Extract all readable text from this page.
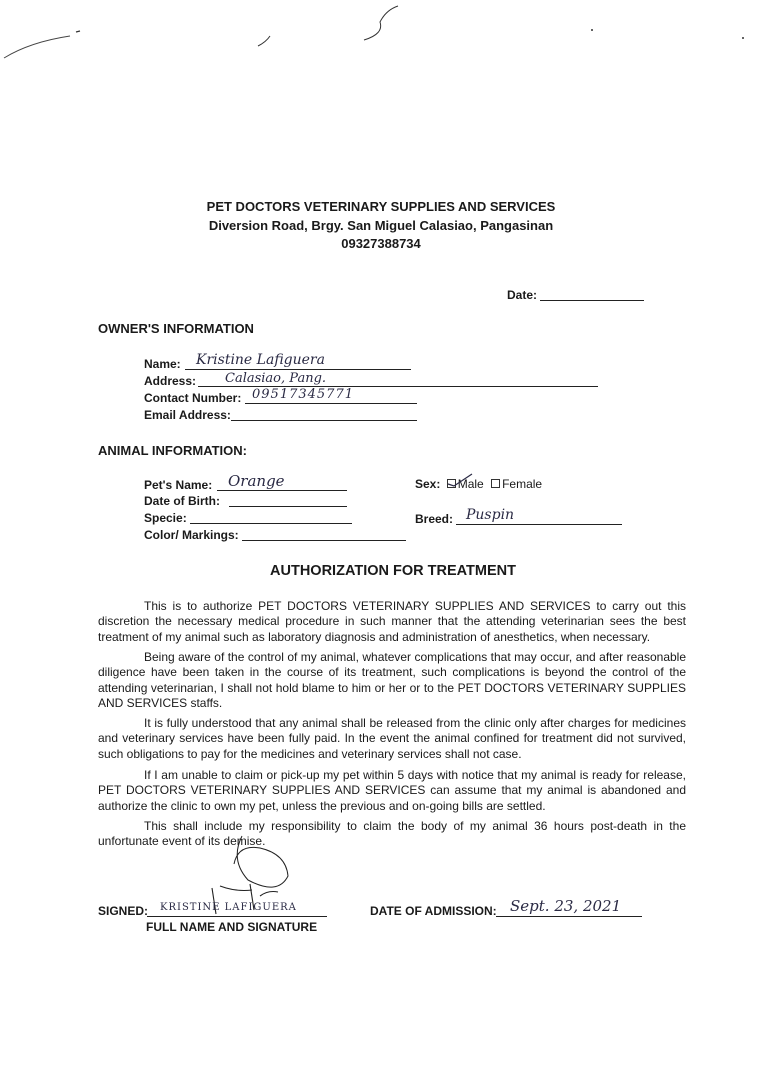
PET DOCTORS VETERINARY SUPPLIES AND SERVICES
Diversion Road, Brgy. San Miguel Calasiao, Pangasinan
09327388734
Date:
OWNER'S INFORMATION
Name: Kristine Lafiguera
Address: Calasiao, Pang.
Contact Number: 09517345771
Email Address:
ANIMAL INFORMATION:
Pet's Name: Orange
Date of Birth:
Specie:
Color/ Markings:
Sex: Male Female
Breed: Puspin
AUTHORIZATION FOR TREATMENT
This is to authorize PET DOCTORS VETERINARY SUPPLIES AND SERVICES to carry out this discretion the necessary medical procedure in such manner that the attending veterinarian sees the best treatment of my animal such as laboratory diagnosis and administration of anesthetics, when necessary.
Being aware of the control of my animal, whatever complications that may occur, and after reasonable diligence have been taken in the course of its treatment, such complications is beyond the control of the attending veterinarian, I shall not hold blame to him or her or to the PET DOCTORS VETERINARY SUPPLIES AND SERVICES staffs.
It is fully understood that any animal shall be released from the clinic only after charges for medicines and veterinary services have been fully paid. In the event the animal confined for treatment did not survived, such obligations to pay for the medicines and veterinary services shall not case.
If I am unable to claim or pick-up my pet within 5 days with notice that my animal is ready for release, PET DOCTORS VETERINARY SUPPLIES AND SERVICES can assume that my animal is abandoned and authorize the clinic to own my pet, unless the previous and on-going bills are settled.
This shall include my responsibility to claim the body of my animal 36 hours post-death in the unfortunate event of its demise.
SIGNED: KRISTINE LAFIGUERA
FULL NAME AND SIGNATURE
DATE OF ADMISSION: Sept. 23, 2021
